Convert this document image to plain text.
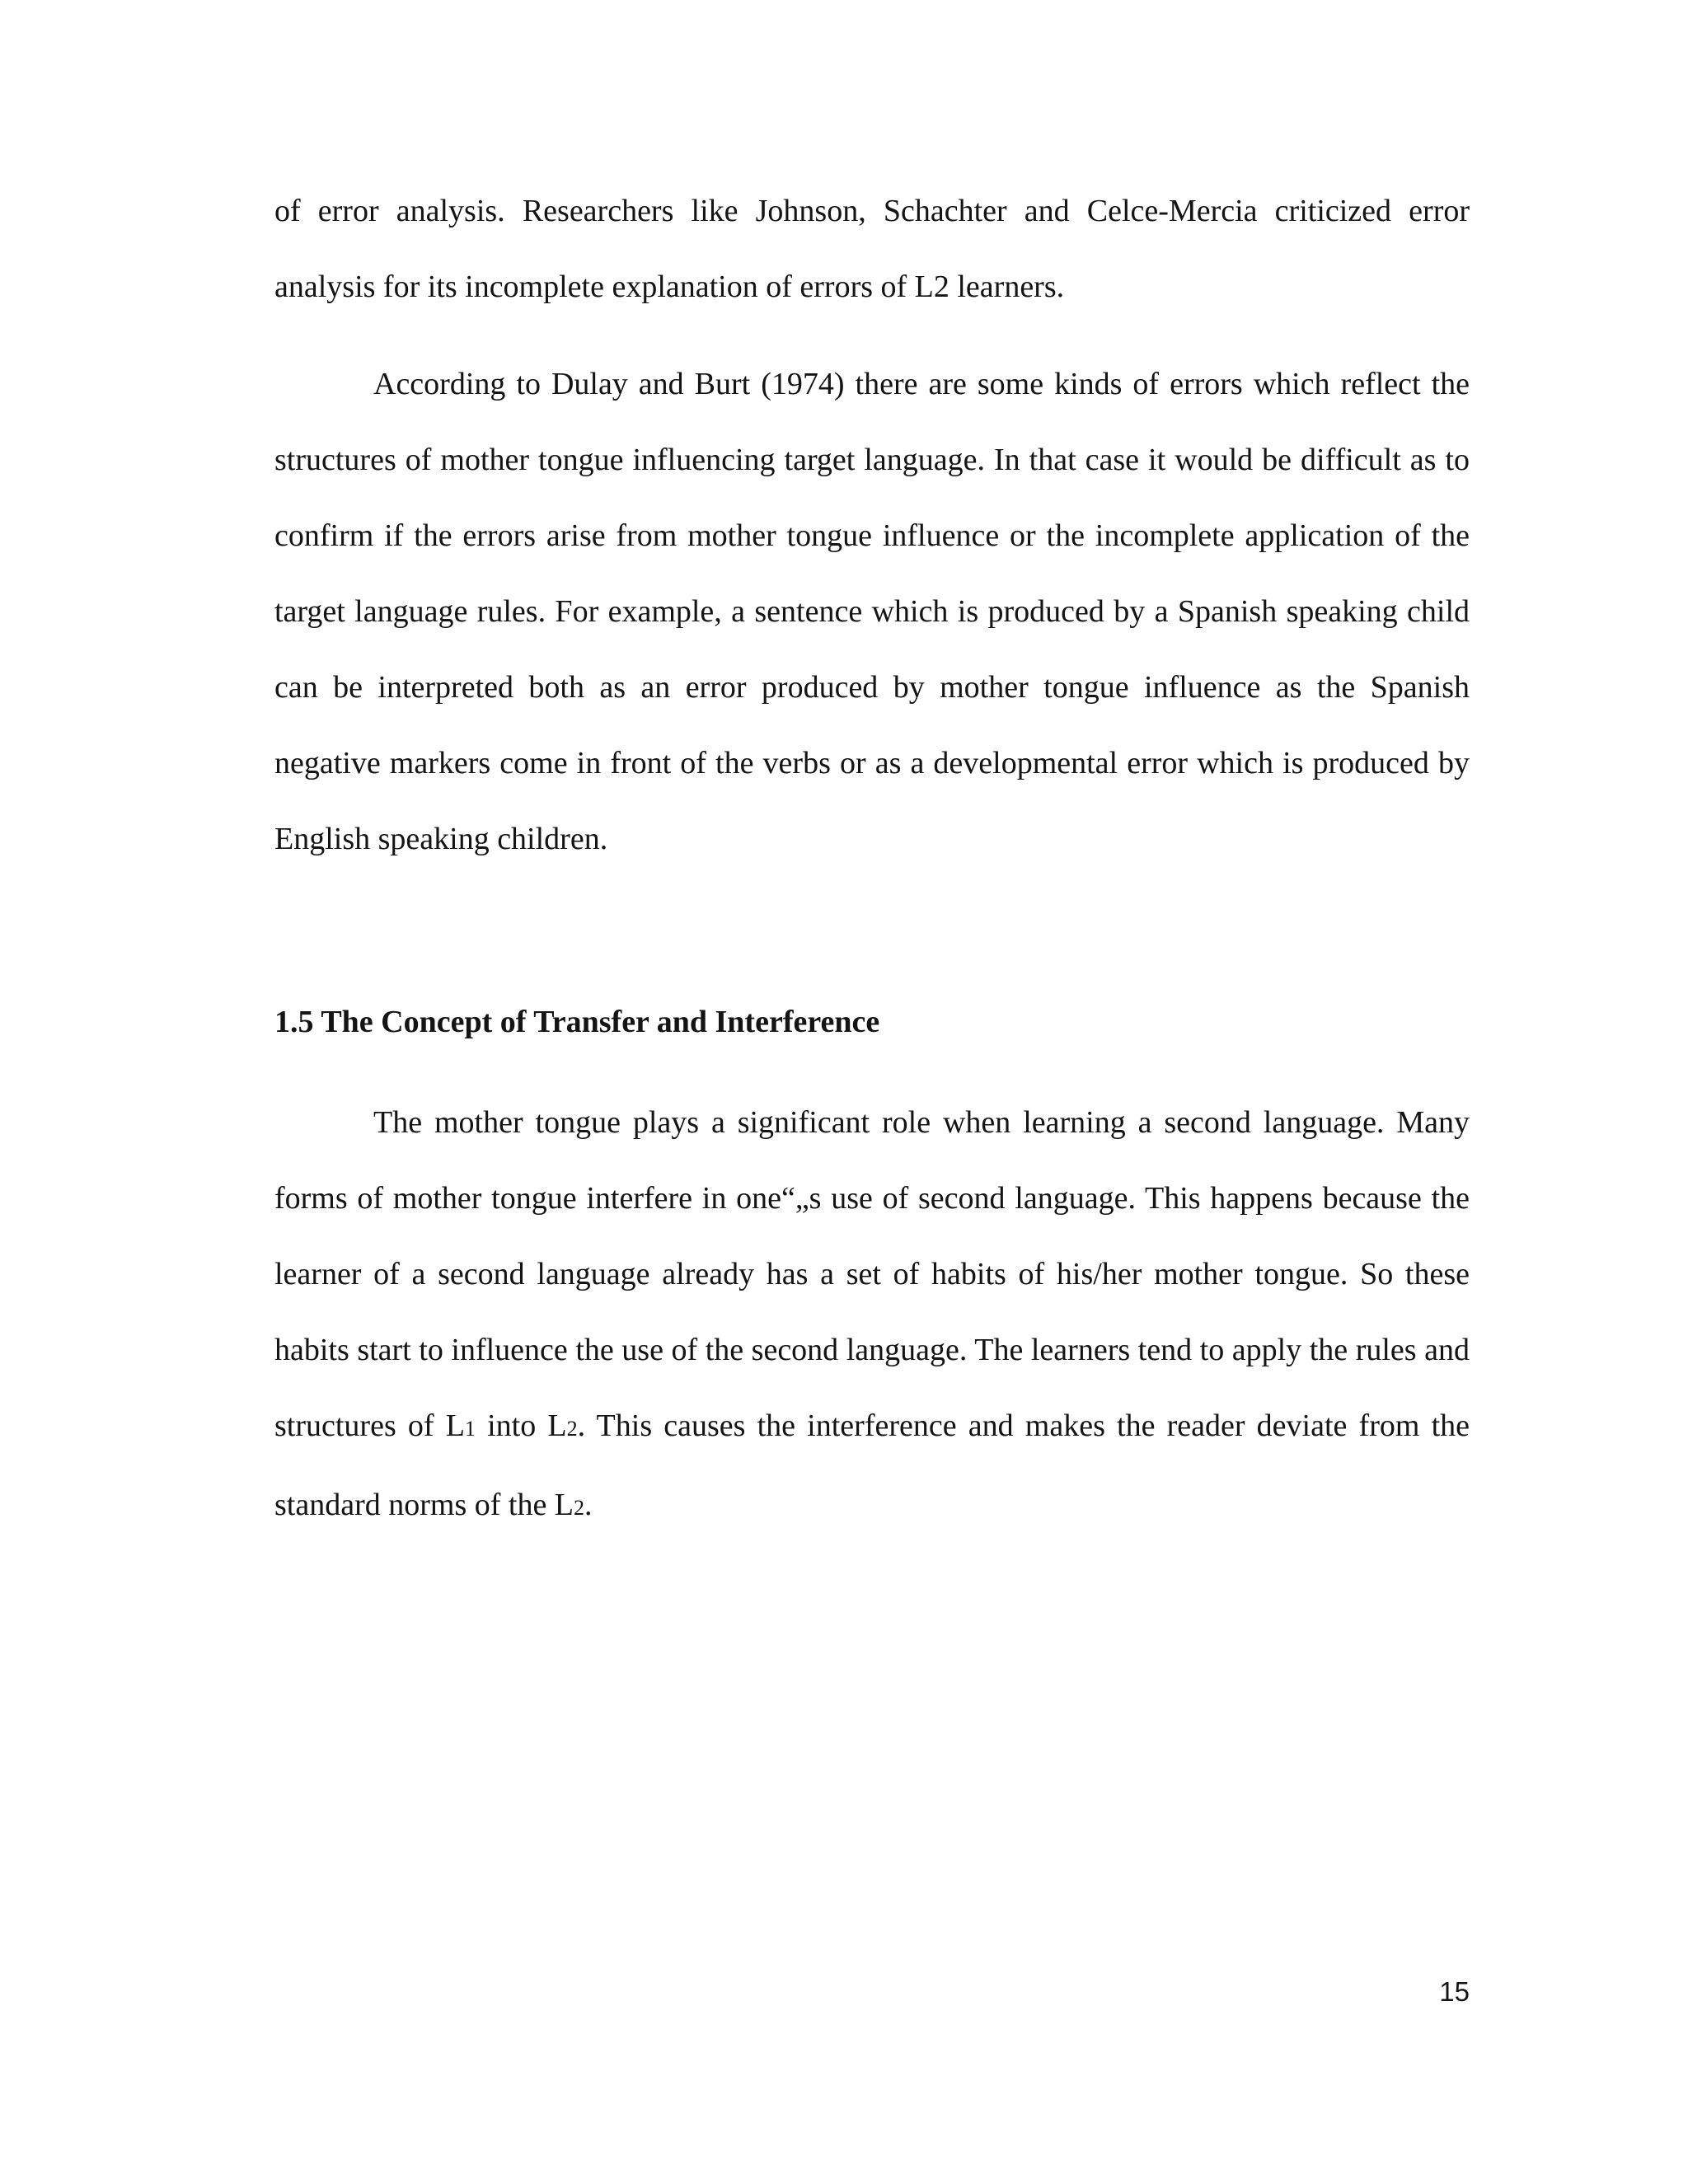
of error analysis. Researchers like Johnson, Schachter and Celce-Mercia criticized error analysis for its incomplete explanation of errors of L2 learners.

According to Dulay and Burt (1974) there are some kinds of errors which reflect the structures of mother tongue influencing target language. In that case it would be difficult as to confirm if the errors arise from mother tongue influence or the incomplete application of the target language rules. For example, a sentence which is produced by a Spanish speaking child can be interpreted both as an error produced by mother tongue influence as the Spanish negative markers come in front of the verbs or as a developmental error which is produced by English speaking children.

1.5 The Concept of Transfer and Interference

The mother tongue plays a significant role when learning a second language. Many forms of mother tongue interfere in one“„s use of second language. This happens because the learner of a second language already has a set of habits of his/her mother tongue. So these habits start to influence the use of the second language. The learners tend to apply the rules and structures of L1 into L2. This causes the interference and makes the reader deviate from the standard norms of the L2.

15
